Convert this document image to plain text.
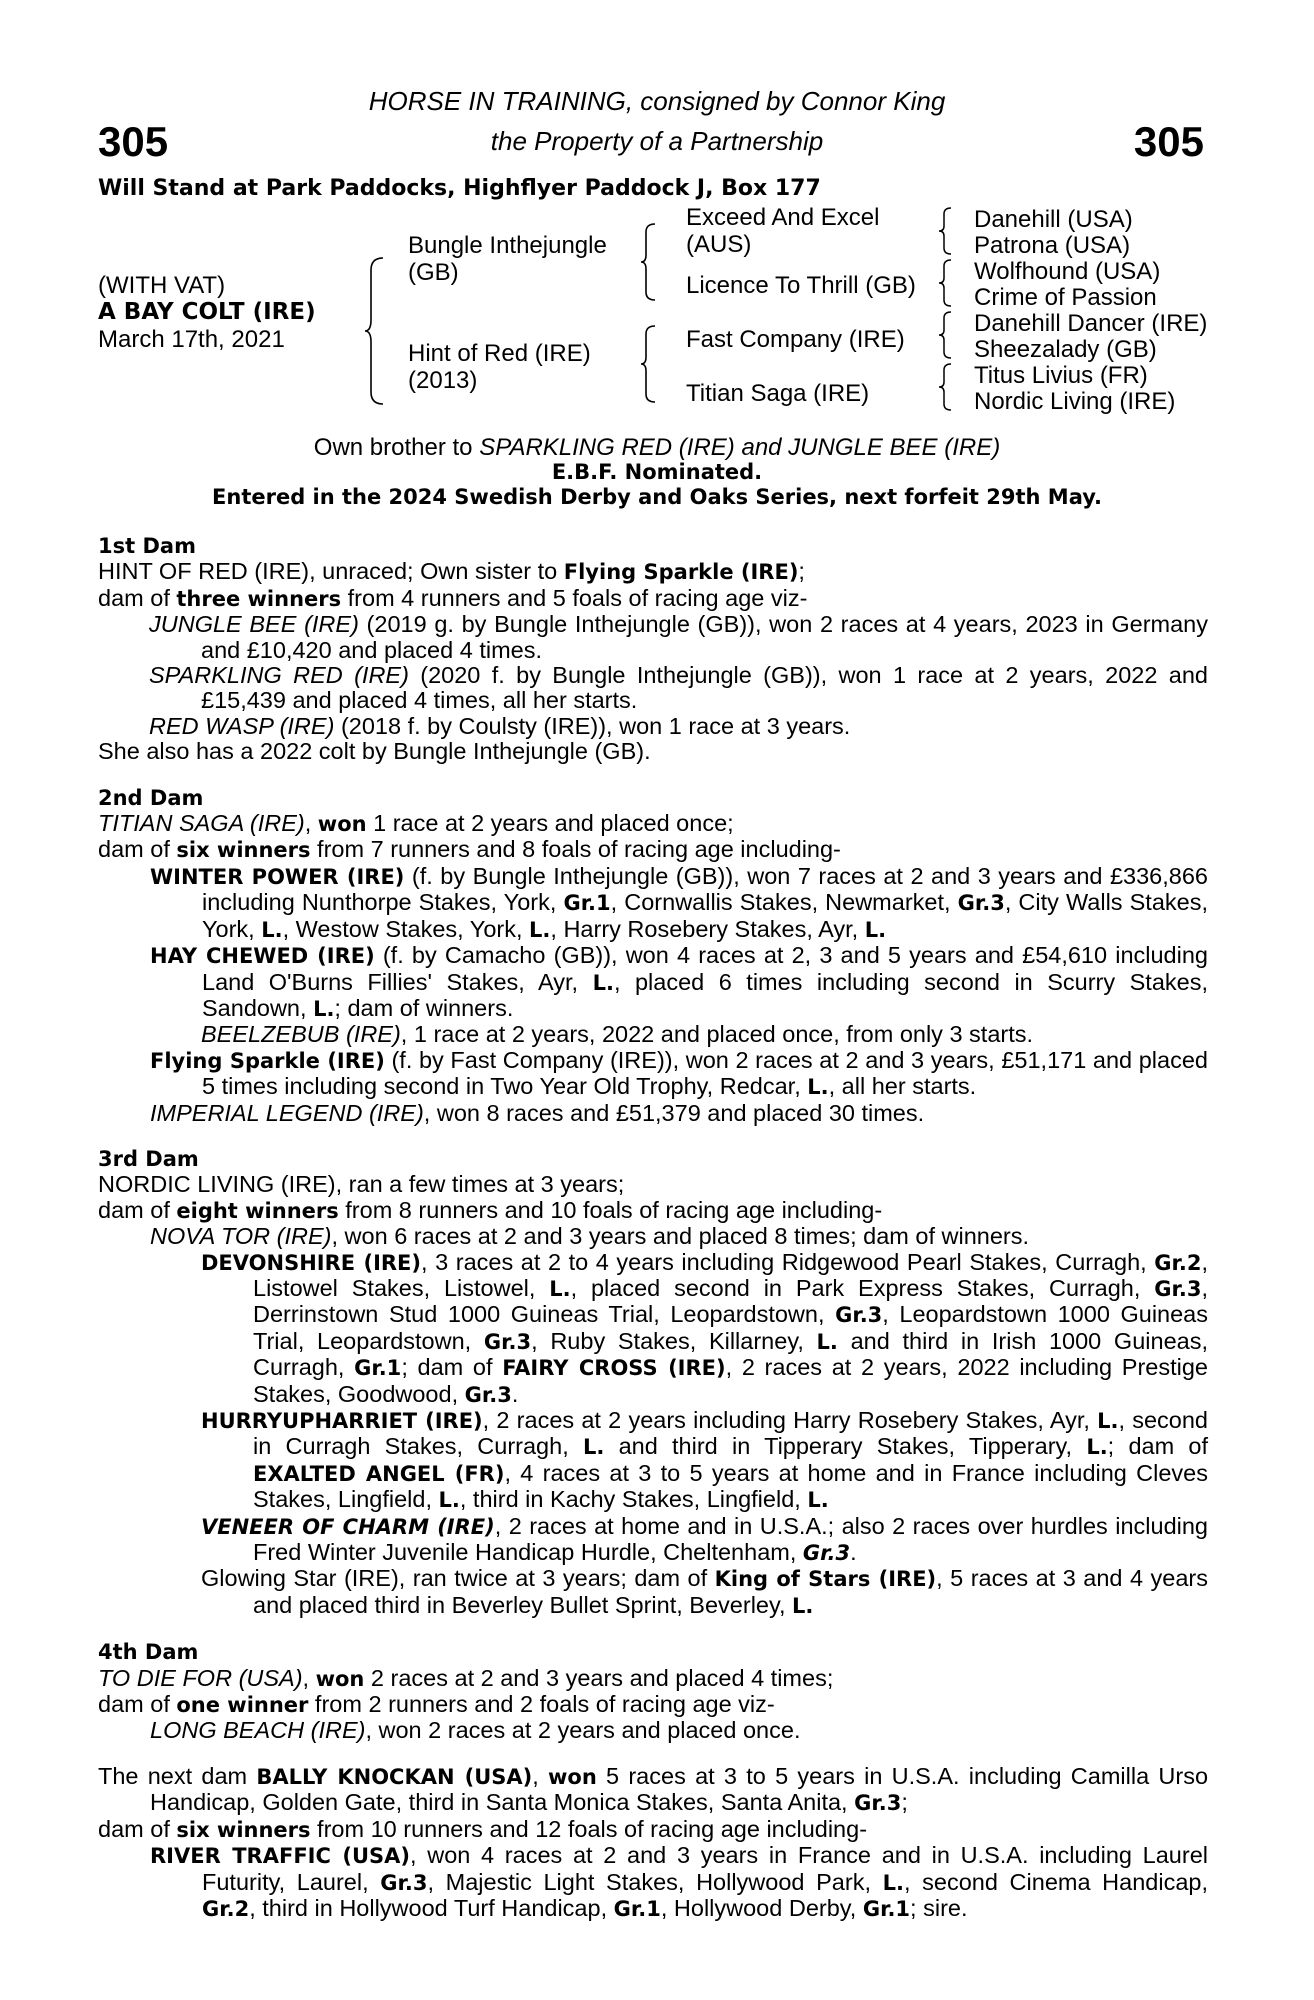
305	305
HORSE IN TRAINING, consigned by Connor King
the Property of a Partnership
Will Stand at Park Paddocks, Highflyer Paddock J, Box 177
(WITH VAT)
A BAY COLT (IRE)
March 17th, 2021
Bungle Inthejungle
(GB)
Hint of Red (IRE)
(2013)
Exceed And Excel
(AUS)
Licence To Thrill (GB)
Fast Company (IRE)
Titian Saga (IRE)
Danehill (USA)
Patrona (USA)
Wolfhound (USA)
Crime of Passion
Danehill Dancer (IRE)
Sheezalady (GB)
Titus Livius (FR)
Nordic Living (IRE)
Own brother to SPARKLING RED (IRE) and JUNGLE BEE (IRE)
E.B.F. Nominated.
Entered in the 2024 Swedish Derby and Oaks Series, next forfeit 29th May.

1st Dam

HINT OF RED (IRE), unraced; Own sister to Flying Sparkle (IRE);

dam of three winners from 4 runners and 5 foals of racing age viz-

JUNGLE BEE (IRE) (2019 g. by Bungle Inthejungle (GB)), won 2 races at 4 years, 2023 in Germany and £10,420 and placed 4 times.

SPARKLING RED (IRE) (2020 f. by Bungle Inthejungle (GB)), won 1 race at 2 years, 2022 and £15,439 and placed 4 times, all her starts.

RED WASP (IRE) (2018 f. by Coulsty (IRE)), won 1 race at 3 years.

She also has a 2022 colt by Bungle Inthejungle (GB).

2nd Dam

TITIAN SAGA (IRE), won 1 race at 2 years and placed once;

dam of six winners from 7 runners and 8 foals of racing age including-

WINTER POWER (IRE) (f. by Bungle Inthejungle (GB)), won 7 races at 2 and 3 years and £336,866 including Nunthorpe Stakes, York, Gr.1, Cornwallis Stakes, Newmarket, Gr.3, City Walls Stakes, York, L., Westow Stakes, York, L., Harry Rosebery Stakes, Ayr, L.

HAY CHEWED (IRE) (f. by Camacho (GB)), won 4 races at 2, 3 and 5 years and £54,610 including Land O'Burns Fillies' Stakes, Ayr, L., placed 6 times including second in Scurry Stakes, Sandown, L.; dam of winners.

BEELZEBUB (IRE), 1 race at 2 years, 2022 and placed once, from only 3 starts.

Flying Sparkle (IRE) (f. by Fast Company (IRE)), won 2 races at 2 and 3 years, £51,171 and placed 5 times including second in Two Year Old Trophy, Redcar, L., all her starts.

IMPERIAL LEGEND (IRE), won 8 races and £51,379 and placed 30 times.

3rd Dam

NORDIC LIVING (IRE), ran a few times at 3 years;

dam of eight winners from 8 runners and 10 foals of racing age including-

NOVA TOR (IRE), won 6 races at 2 and 3 years and placed 8 times; dam of winners.

DEVONSHIRE (IRE), 3 races at 2 to 4 years including Ridgewood Pearl Stakes, Curragh, Gr.2, Listowel Stakes, Listowel, L., placed second in Park Express Stakes, Curragh, Gr.3, Derrinstown Stud 1000 Guineas Trial, Leopardstown, Gr.3, Leopardstown 1000 Guineas Trial, Leopardstown, Gr.3, Ruby Stakes, Killarney, L. and third in Irish 1000 Guineas, Curragh, Gr.1; dam of FAIRY CROSS (IRE), 2 races at 2 years, 2022 including Prestige Stakes, Goodwood, Gr.3.

HURRYUPHARRIET (IRE), 2 races at 2 years including Harry Rosebery Stakes, Ayr, L., second in Curragh Stakes, Curragh, L. and third in Tipperary Stakes, Tipperary, L.; dam of EXALTED ANGEL (FR), 4 races at 3 to 5 years at home and in France including Cleves Stakes, Lingfield, L., third in Kachy Stakes, Lingfield, L.

VENEER OF CHARM (IRE), 2 races at home and in U.S.A.; also 2 races over hurdles including Fred Winter Juvenile Handicap Hurdle, Cheltenham, Gr.3.

Glowing Star (IRE), ran twice at 3 years; dam of King of Stars (IRE), 5 races at 3 and 4 years and placed third in Beverley Bullet Sprint, Beverley, L.

4th Dam

TO DIE FOR (USA), won 2 races at 2 and 3 years and placed 4 times;

dam of one winner from 2 runners and 2 foals of racing age viz-

LONG BEACH (IRE), won 2 races at 2 years and placed once.

The next dam BALLY KNOCKAN (USA), won 5 races at 3 to 5 years in U.S.A. including Camilla Urso Handicap, Golden Gate, third in Santa Monica Stakes, Santa Anita, Gr.3;

dam of six winners from 10 runners and 12 foals of racing age including-

RIVER TRAFFIC (USA), won 4 races at 2 and 3 years in France and in U.S.A. including Laurel Futurity, Laurel, Gr.3, Majestic Light Stakes, Hollywood Park, L., second Cinema Handicap, Gr.2, third in Hollywood Turf Handicap, Gr.1, Hollywood Derby, Gr.1; sire.
